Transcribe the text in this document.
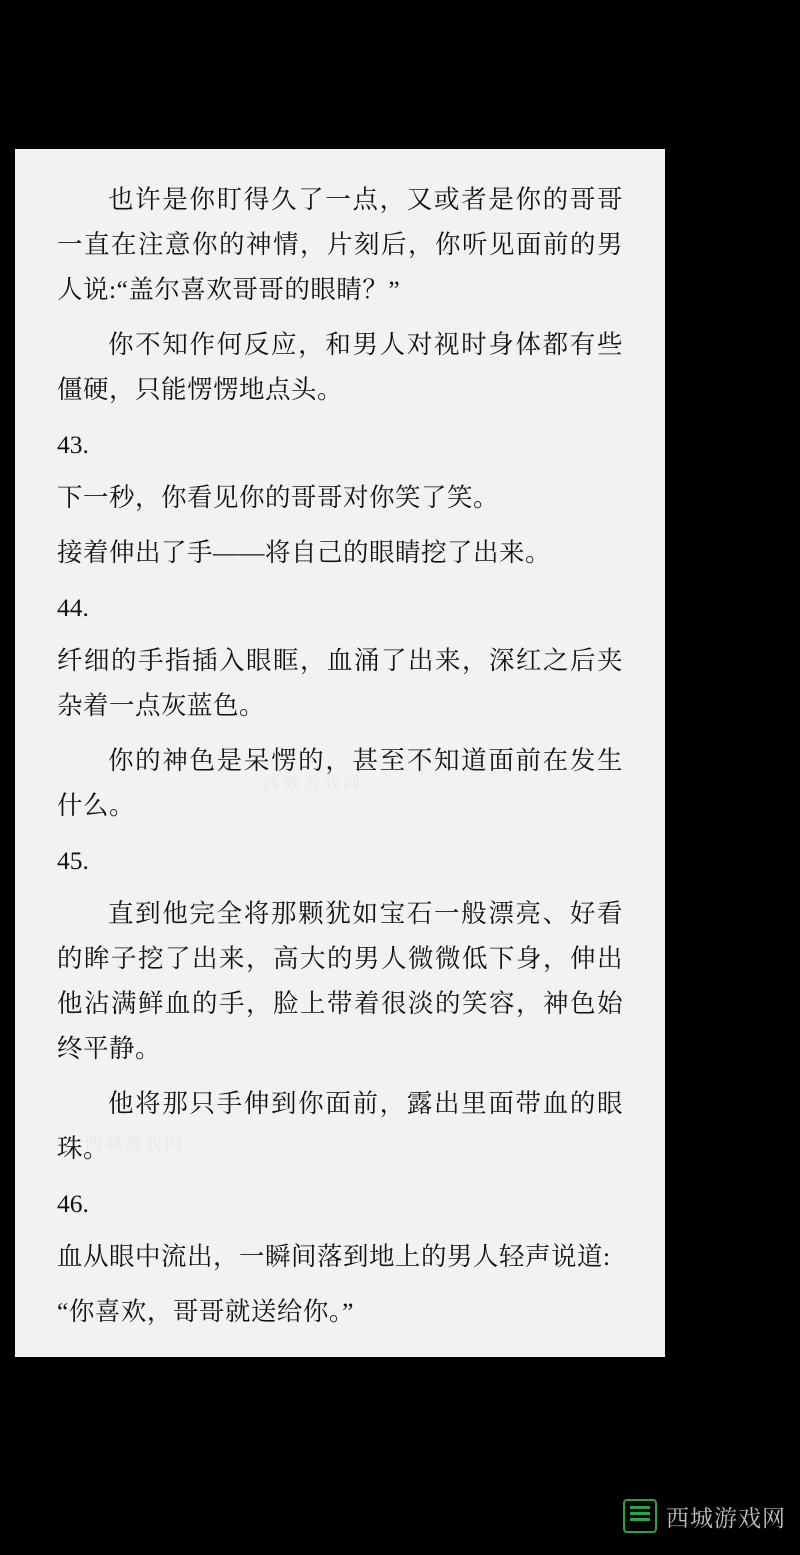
也许是你盯得久了一点，又或者是你的哥哥一直在注意你的神情，片刻后，你听见面前的男人说:“盖尔喜欢哥哥的眼睛？”

你不知作何反应，和男人对视时身体都有些僵硬，只能愣愣地点头。

43.

下一秒，你看见你的哥哥对你笑了笑。

接着伸出了手——将自己的眼睛挖了出来。

44.

纤细的手指插入眼眶，血涌了出来，深红之后夹杂着一点灰蓝色。

你的神色是呆愣的，甚至不知道面前在发生什么。

45.

直到他完全将那颗犹如宝石一般漂亮、好看的眸子挖了出来，高大的男人微微低下身，伸出他沾满鲜血的手，脸上带着很淡的笑容，神色始终平静。

他将那只手伸到你面前，露出里面带血的眼珠。

46.

血从眼中流出，一瞬间落到地上的男人轻声说道:

“你喜欢，哥哥就送给你。”

西城游戏网
